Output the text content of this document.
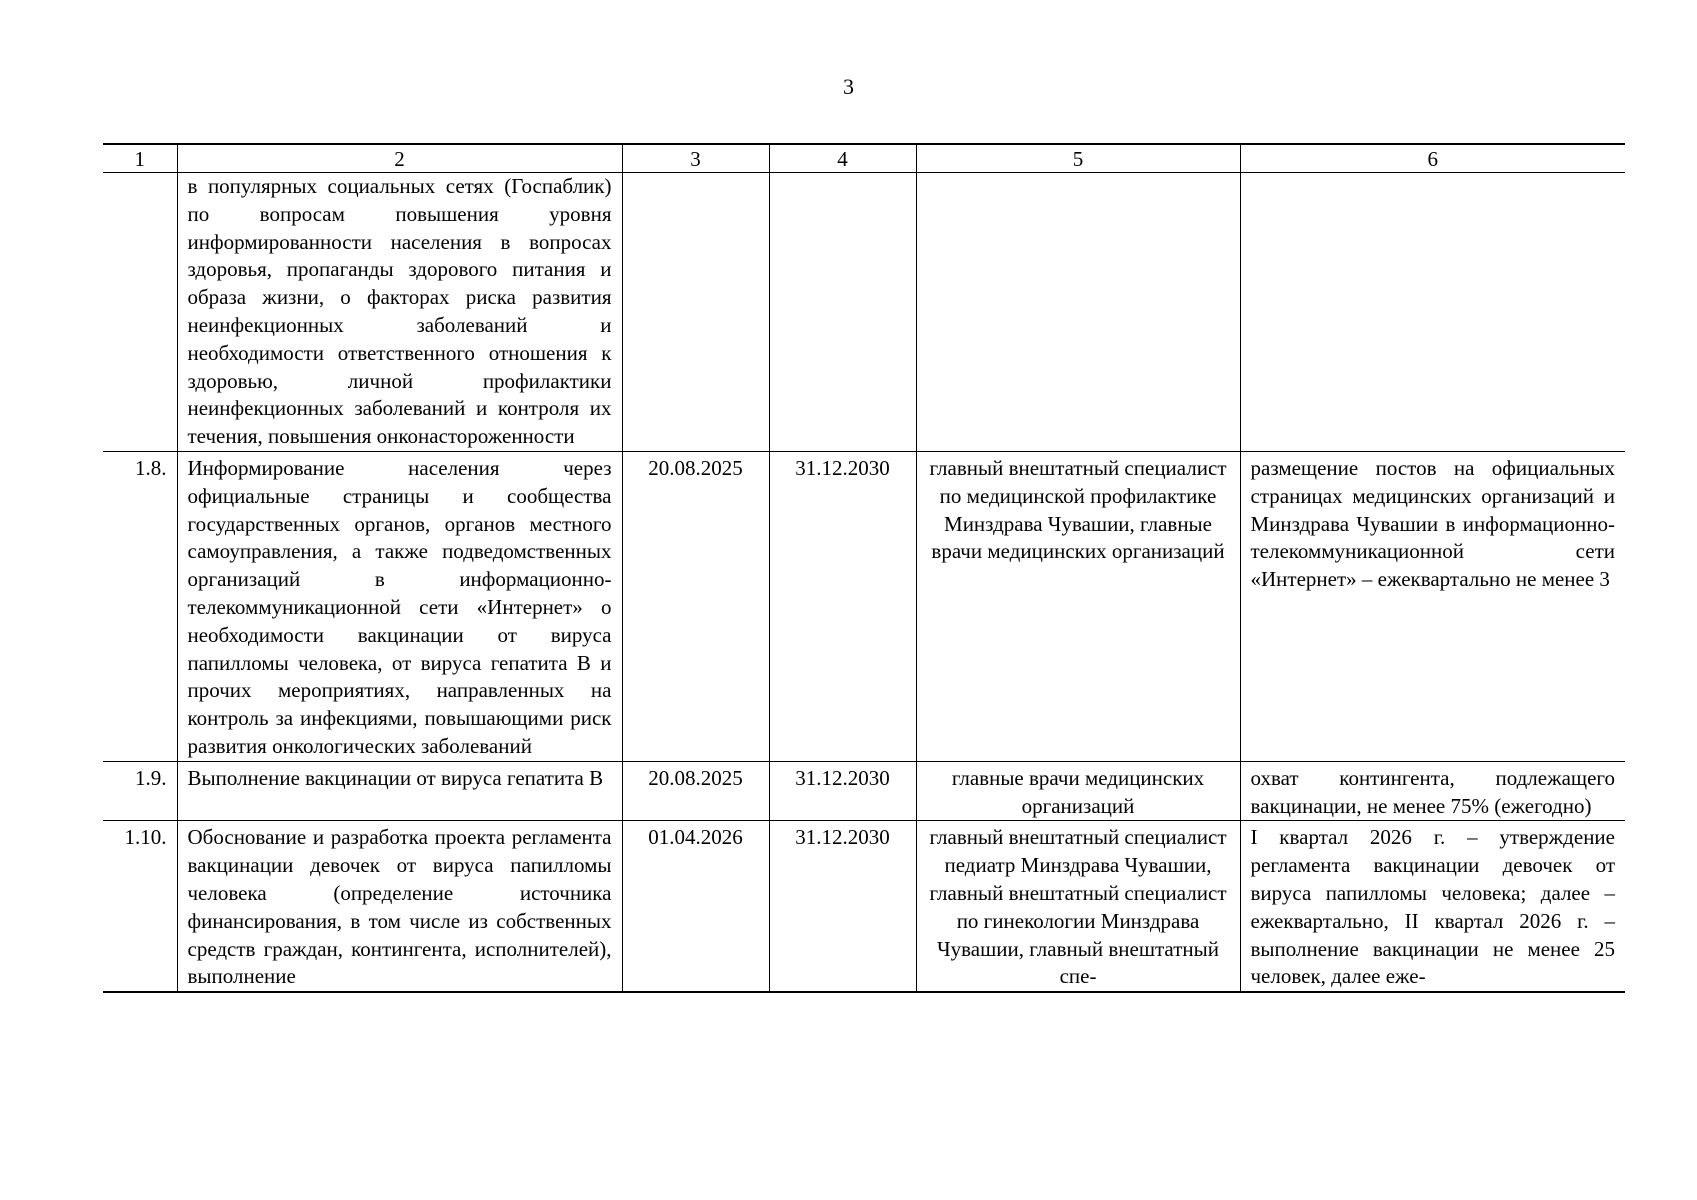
3
1	2	3	4	5	6
	в популярных социальных сетях (Госпаблик) по вопросам повышения уровня информированности населения в вопросах здоровья, пропаганды здорового питания и образа жизни, о факторах риска развития неинфекционных заболеваний и необходимости ответственного отношения к здоровью, личной профилактики неинфекционных заболеваний и контроля их течения, повышения онконастороженности				
1.8.	Информирование населения через официальные страницы и сообщества государственных органов, органов местного самоуправления, а также подведомственных организаций в информационно-телекоммуникационной сети «Интернет» о необходимости вакцинации от вируса папилломы человека, от вируса гепатита В и прочих мероприятиях, направленных на контроль за инфекциями, повышающими риск развития онкологических заболеваний	20.08.2025	31.12.2030	главный внештатный специалист по медицинской профилактике Минздрава Чувашии, главные врачи медицинских организаций	размещение постов на официальных страницах медицинских организаций и Минздрава Чувашии в информационно-телекоммуникационной сети «Интернет» – ежеквартально не менее 3
1.9.	Выполнение вакцинации от вируса гепатита В	20.08.2025	31.12.2030	главные врачи медицинских организаций	охват контингента, подлежащего вакцинации, не менее 75% (ежегодно)
1.10.	Обоснование и разработка проекта регламента вакцинации девочек от вируса папилломы человека (определение источника финансирования, в том числе из собственных средств граждан, контингента, исполнителей), выполнение	01.04.2026	31.12.2030	главный внештатный специалист педиатр Минздрава Чувашии, главный внештатный специалист по гинекологии Минздрава Чувашии, главный внештатный спе-	I квартал 2026 г. – утверждение регламента вакцинации девочек от вируса папилломы человека; далее – ежеквартально, II квартал 2026 г. – выполнение вакцинации не менее 25 человек, далее еже-
